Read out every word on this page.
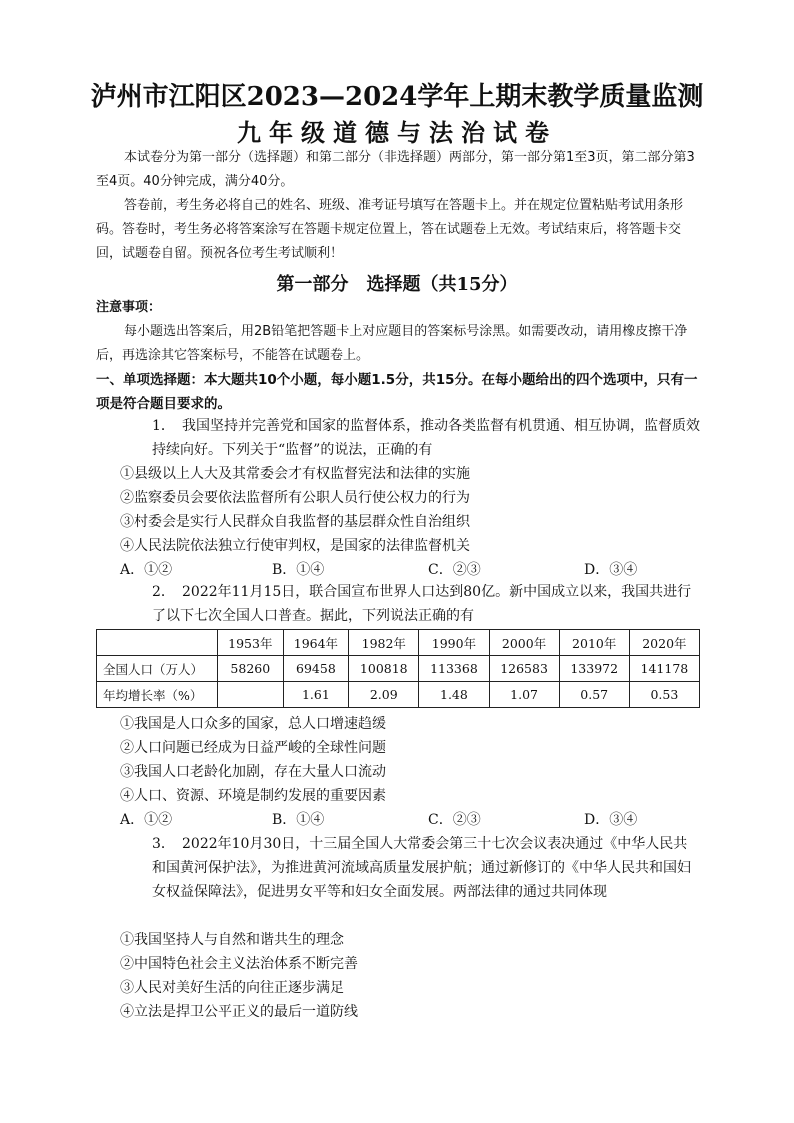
泸州市江阳区2023—2024学年上期末教学质量监测
九年级道德与法治试卷
本试卷分为第一部分（选择题）和第二部分（非选择题）两部分，第一部分第1至3页，第二部分第3至4页。40分钟完成，满分40分。
答卷前，考生务必将自己的姓名、班级、准考证号填写在答题卡上。并在规定位置粘贴考试用条形码。答卷时，考生务必将答案涂写在答题卡规定位置上，答在试题卷上无效。考试结束后，将答题卡交回，试题卷自留。预祝各位考生考试顺利！
第一部分　选择题（共15分）
注意事项：
每小题选出答案后，用2B铅笔把答题卡上对应题目的答案标号涂黑。如需要改动，请用橡皮擦干净后，再选涂其它答案标号，不能答在试题卷上。
一、单项选择题：本大题共10个小题，每小题1.5分，共15分。在每小题给出的四个选项中，只有一项是符合题目要求的。
1． 我国坚持并完善党和国家的监督体系，推动各类监督有机贯通、相互协调，监督质效持续向好。下列关于“监督”的说法，正确的有
①县级以上人大及其常委会才有权监督宪法和法律的实施
②监察委员会要依法监督所有公职人员行使公权力的行为
③村委会是实行人民群众自我监督的基层群众性自治组织
④人民法院依法独立行使审判权，是国家的法律监督机关
A．①②	B．①④	C．②③	D．③④
2． 2022年11月15日，联合国宣布世界人口达到80亿。新中国成立以来，我国共进行了以下七次全国人口普查。据此，下列说法正确的有
	1953年	1964年	1982年	1990年	2000年	2010年	2020年
全国人口（万人）	58260	69458	100818	113368	126583	133972	141178
年均增长率（%）		1.61	2.09	1.48	1.07	0.57	0.53
①我国是人口众多的国家，总人口增速趋缓
②人口问题已经成为日益严峻的全球性问题
③我国人口老龄化加剧，存在大量人口流动
④人口、资源、环境是制约发展的重要因素
A．①②	B．①④	C．②③	D．③④
3． 2022年10月30日，十三届全国人大常委会第三十七次会议表决通过《中华人民共和国黄河保护法》，为推进黄河流域高质量发展护航；通过新修订的《中华人民共和国妇女权益保障法》，促进男女平等和妇女全面发展。两部法律的通过共同体现
①我国坚持人与自然和谐共生的理念
②中国特色社会主义法治体系不断完善
③人民对美好生活的向往正逐步满足
④立法是捍卫公平正义的最后一道防线
